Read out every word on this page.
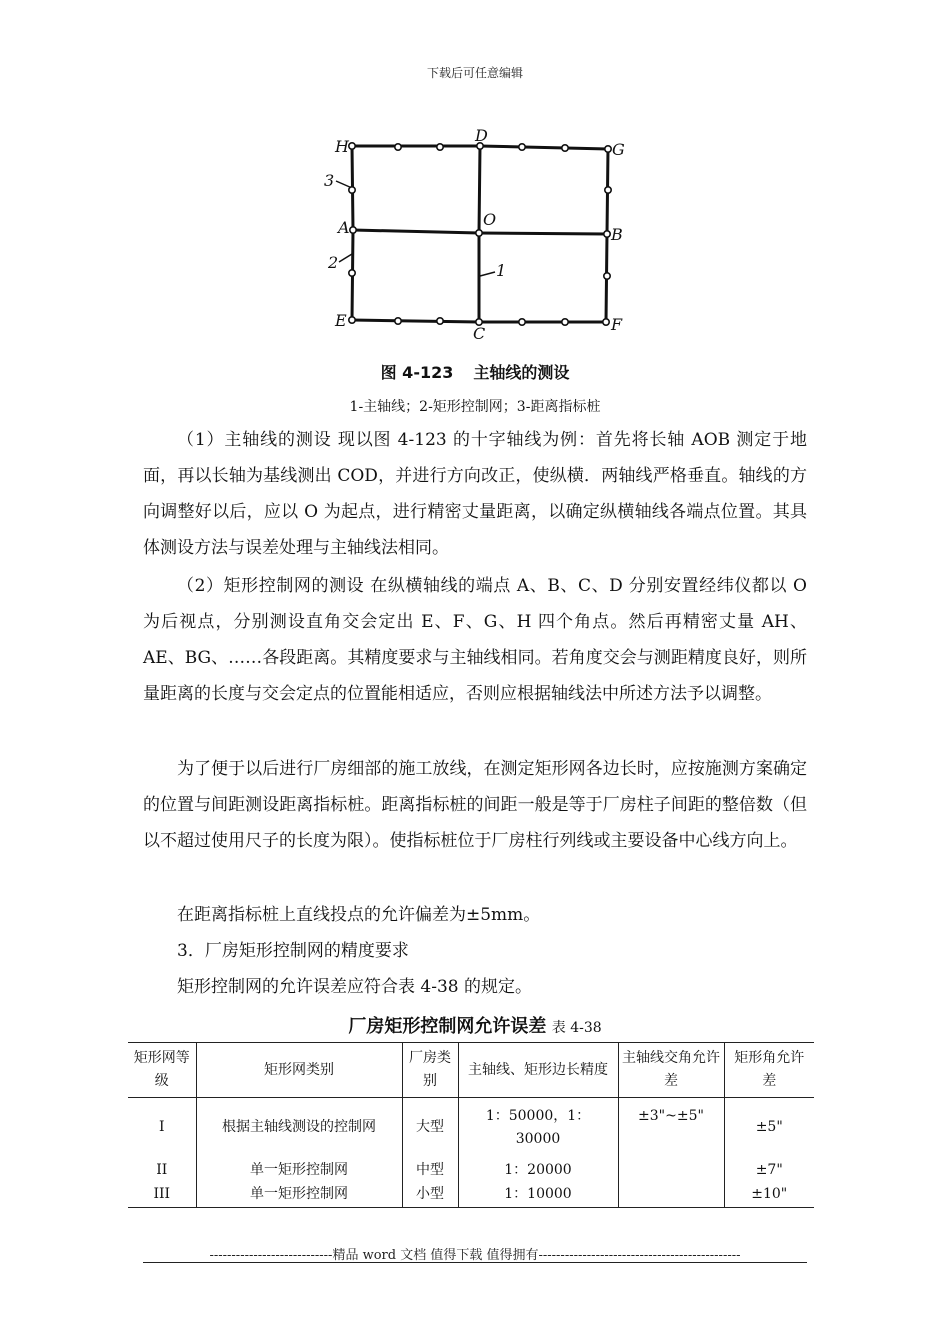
下载后可任意编辑
H
D
G
A	O
B
E
C	F
3
2	1
图 4-123 主轴线的测设
1-主轴线；2-矩形控制网；3-距离指标桩

（1）主轴线的测设 现以图 4-123 的十字轴线为例：首先将长轴 AOB 测定于地面，再以长轴为基线测出 COD，并进行方向改正，使纵横．两轴线严格垂直。轴线的方向调整好以后，应以 O 为起点，进行精密丈量距离，以确定纵横轴线各端点位置。其具体测设方法与误差处理与主轴线法相同。

（2）矩形控制网的测设 在纵横轴线的端点 A、B、C、D 分别安置经纬仪都以 O 为后视点，分别测设直角交会定出 E、F、G、H 四个角点。然后再精密丈量 AH、AE、BG、……各段距离。其精度要求与主轴线相同。若角度交会与测距精度良好，则所量距离的长度与交会定点的位置能相适应，否则应根据轴线法中所述方法予以调整。

为了便于以后进行厂房细部的施工放线，在测定矩形网各边长时，应按施测方案确定的位置与间距测设距离指标桩。距离指标桩的间距一般是等于厂房柱子间距的整倍数（但以不超过使用尺子的长度为限）。使指标桩位于厂房柱行列线或主要设备中心线方向上。

在距离指标桩上直线投点的允许偏差为±5mm。

3．厂房矩形控制网的精度要求

矩形控制网的允许误差应符合表 4-38 的规定。

厂房矩形控制网允许误差 表 4-38
矩形网等级	矩形网类别	厂房类别	主轴线、矩形边长精度	主轴线交角允许差	矩形角允许差
I	根据主轴线测设的控制网	大型	1：50000，1：30000	±3"~±5"	±5"
II	单一矩形控制网	中型	1：20000		±7"
III	单一矩形控制网	小型	1：10000		±10"
----------------------------精品 word 文档 值得下载 值得拥有----------------------------------------------
